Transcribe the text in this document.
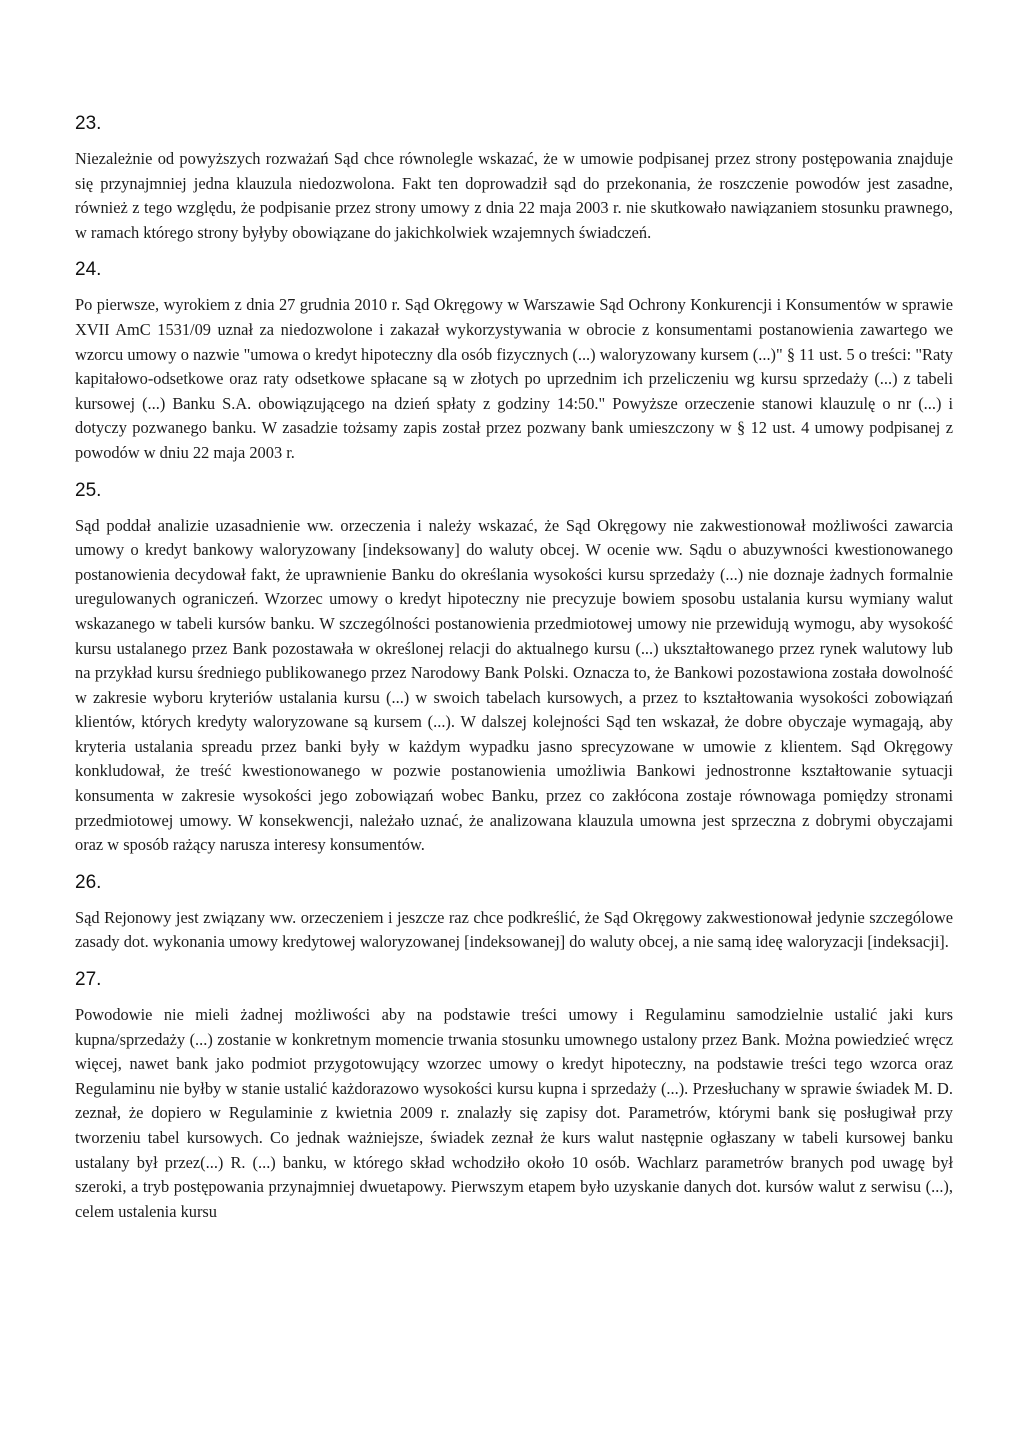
23.

Niezależnie od powyższych rozważań Sąd chce równolegle wskazać, że w umowie podpisanej przez strony postępowania znajduje się przynajmniej jedna klauzula niedozwolona. Fakt ten doprowadził sąd do przekonania, że roszczenie powodów jest zasadne, również z tego względu, że podpisanie przez strony umowy z dnia 22 maja 2003 r. nie skutkowało nawiązaniem stosunku prawnego, w ramach którego strony byłyby obowiązane do jakichkolwiek wzajemnych świadczeń.

24.

Po pierwsze, wyrokiem z dnia 27 grudnia 2010 r. Sąd Okręgowy w Warszawie Sąd Ochrony Konkurencji i Konsumentów w sprawie XVII AmC 1531/09 uznał za niedozwolone i zakazał wykorzystywania w obrocie z konsumentami postanowienia zawartego we wzorcu umowy o nazwie "umowa o kredyt hipoteczny dla osób fizycznych (...) waloryzowany kursem (...)" § 11 ust. 5 o treści: "Raty kapitałowo-odsetkowe oraz raty odsetkowe spłacane są w złotych po uprzednim ich przeliczeniu wg kursu sprzedaży (...) z tabeli kursowej (...) Banku S.A. obowiązującego na dzień spłaty z godziny 14:50." Powyższe orzeczenie stanowi klauzulę o nr (...) i dotyczy pozwanego banku. W zasadzie tożsamy zapis został przez pozwany bank umieszczony w § 12 ust. 4 umowy podpisanej z powodów w dniu 22 maja 2003 r.

25.

Sąd poddał analizie uzasadnienie ww. orzeczenia i należy wskazać, że Sąd Okręgowy nie zakwestionował możliwości zawarcia umowy o kredyt bankowy waloryzowany [indeksowany] do waluty obcej. W ocenie ww. Sądu o abuzywności kwestionowanego postanowienia decydował fakt, że uprawnienie Banku do określania wysokości kursu sprzedaży (...) nie doznaje żadnych formalnie uregulowanych ograniczeń. Wzorzec umowy o kredyt hipoteczny nie precyzuje bowiem sposobu ustalania kursu wymiany walut wskazanego w tabeli kursów banku. W szczególności postanowienia przedmiotowej umowy nie przewidują wymogu, aby wysokość kursu ustalanego przez Bank pozostawała w określonej relacji do aktualnego kursu (...) ukształtowanego przez rynek walutowy lub na przykład kursu średniego publikowanego przez Narodowy Bank Polski. Oznacza to, że Bankowi pozostawiona została dowolność w zakresie wyboru kryteriów ustalania kursu (...) w swoich tabelach kursowych, a przez to kształtowania wysokości zobowiązań klientów, których kredyty waloryzowane są kursem (...). W dalszej kolejności Sąd ten wskazał, że dobre obyczaje wymagają, aby kryteria ustalania spreadu przez banki były w każdym wypadku jasno sprecyzowane w umowie z klientem. Sąd Okręgowy konkludował, że treść kwestionowanego w pozwie postanowienia umożliwia Bankowi jednostronne kształtowanie sytuacji konsumenta w zakresie wysokości jego zobowiązań wobec Banku, przez co zakłócona zostaje równowaga pomiędzy stronami przedmiotowej umowy. W konsekwencji, należało uznać, że analizowana klauzula umowna jest sprzeczna z dobrymi obyczajami oraz w sposób rażący narusza interesy konsumentów.

26.

Sąd Rejonowy jest związany ww. orzeczeniem i jeszcze raz chce podkreślić, że Sąd Okręgowy zakwestionował jedynie szczególowe zasady dot. wykonania umowy kredytowej waloryzowanej [indeksowanej] do waluty obcej, a nie samą ideę waloryzacji [indeksacji].

27.

Powodowie nie mieli żadnej możliwości aby na podstawie treści umowy i Regulaminu samodzielnie ustalić jaki kurs kupna/sprzedaży (...) zostanie w konkretnym momencie trwania stosunku umownego ustalony przez Bank. Można powiedzieć wręcz więcej, nawet bank jako podmiot przygotowujący wzorzec umowy o kredyt hipoteczny, na podstawie treści tego wzorca oraz Regulaminu nie byłby w stanie ustalić każdorazowo wysokości kursu kupna i sprzedaży (...). Przesłuchany w sprawie świadek M. D. zeznał, że dopiero w Regulaminie z kwietnia 2009 r. znalazły się zapisy dot. Parametrów, którymi bank się posługiwał przy tworzeniu tabel kursowych. Co jednak ważniejsze, świadek zeznał że kurs walut następnie ogłaszany w tabeli kursowej banku ustalany był przez(...) R. (...) banku, w którego skład wchodziło około 10 osób. Wachlarz parametrów branych pod uwagę był szeroki, a tryb postępowania przynajmniej dwuetapowy. Pierwszym etapem było uzyskanie danych dot. kursów walut z serwisu (...), celem ustalenia kursu
